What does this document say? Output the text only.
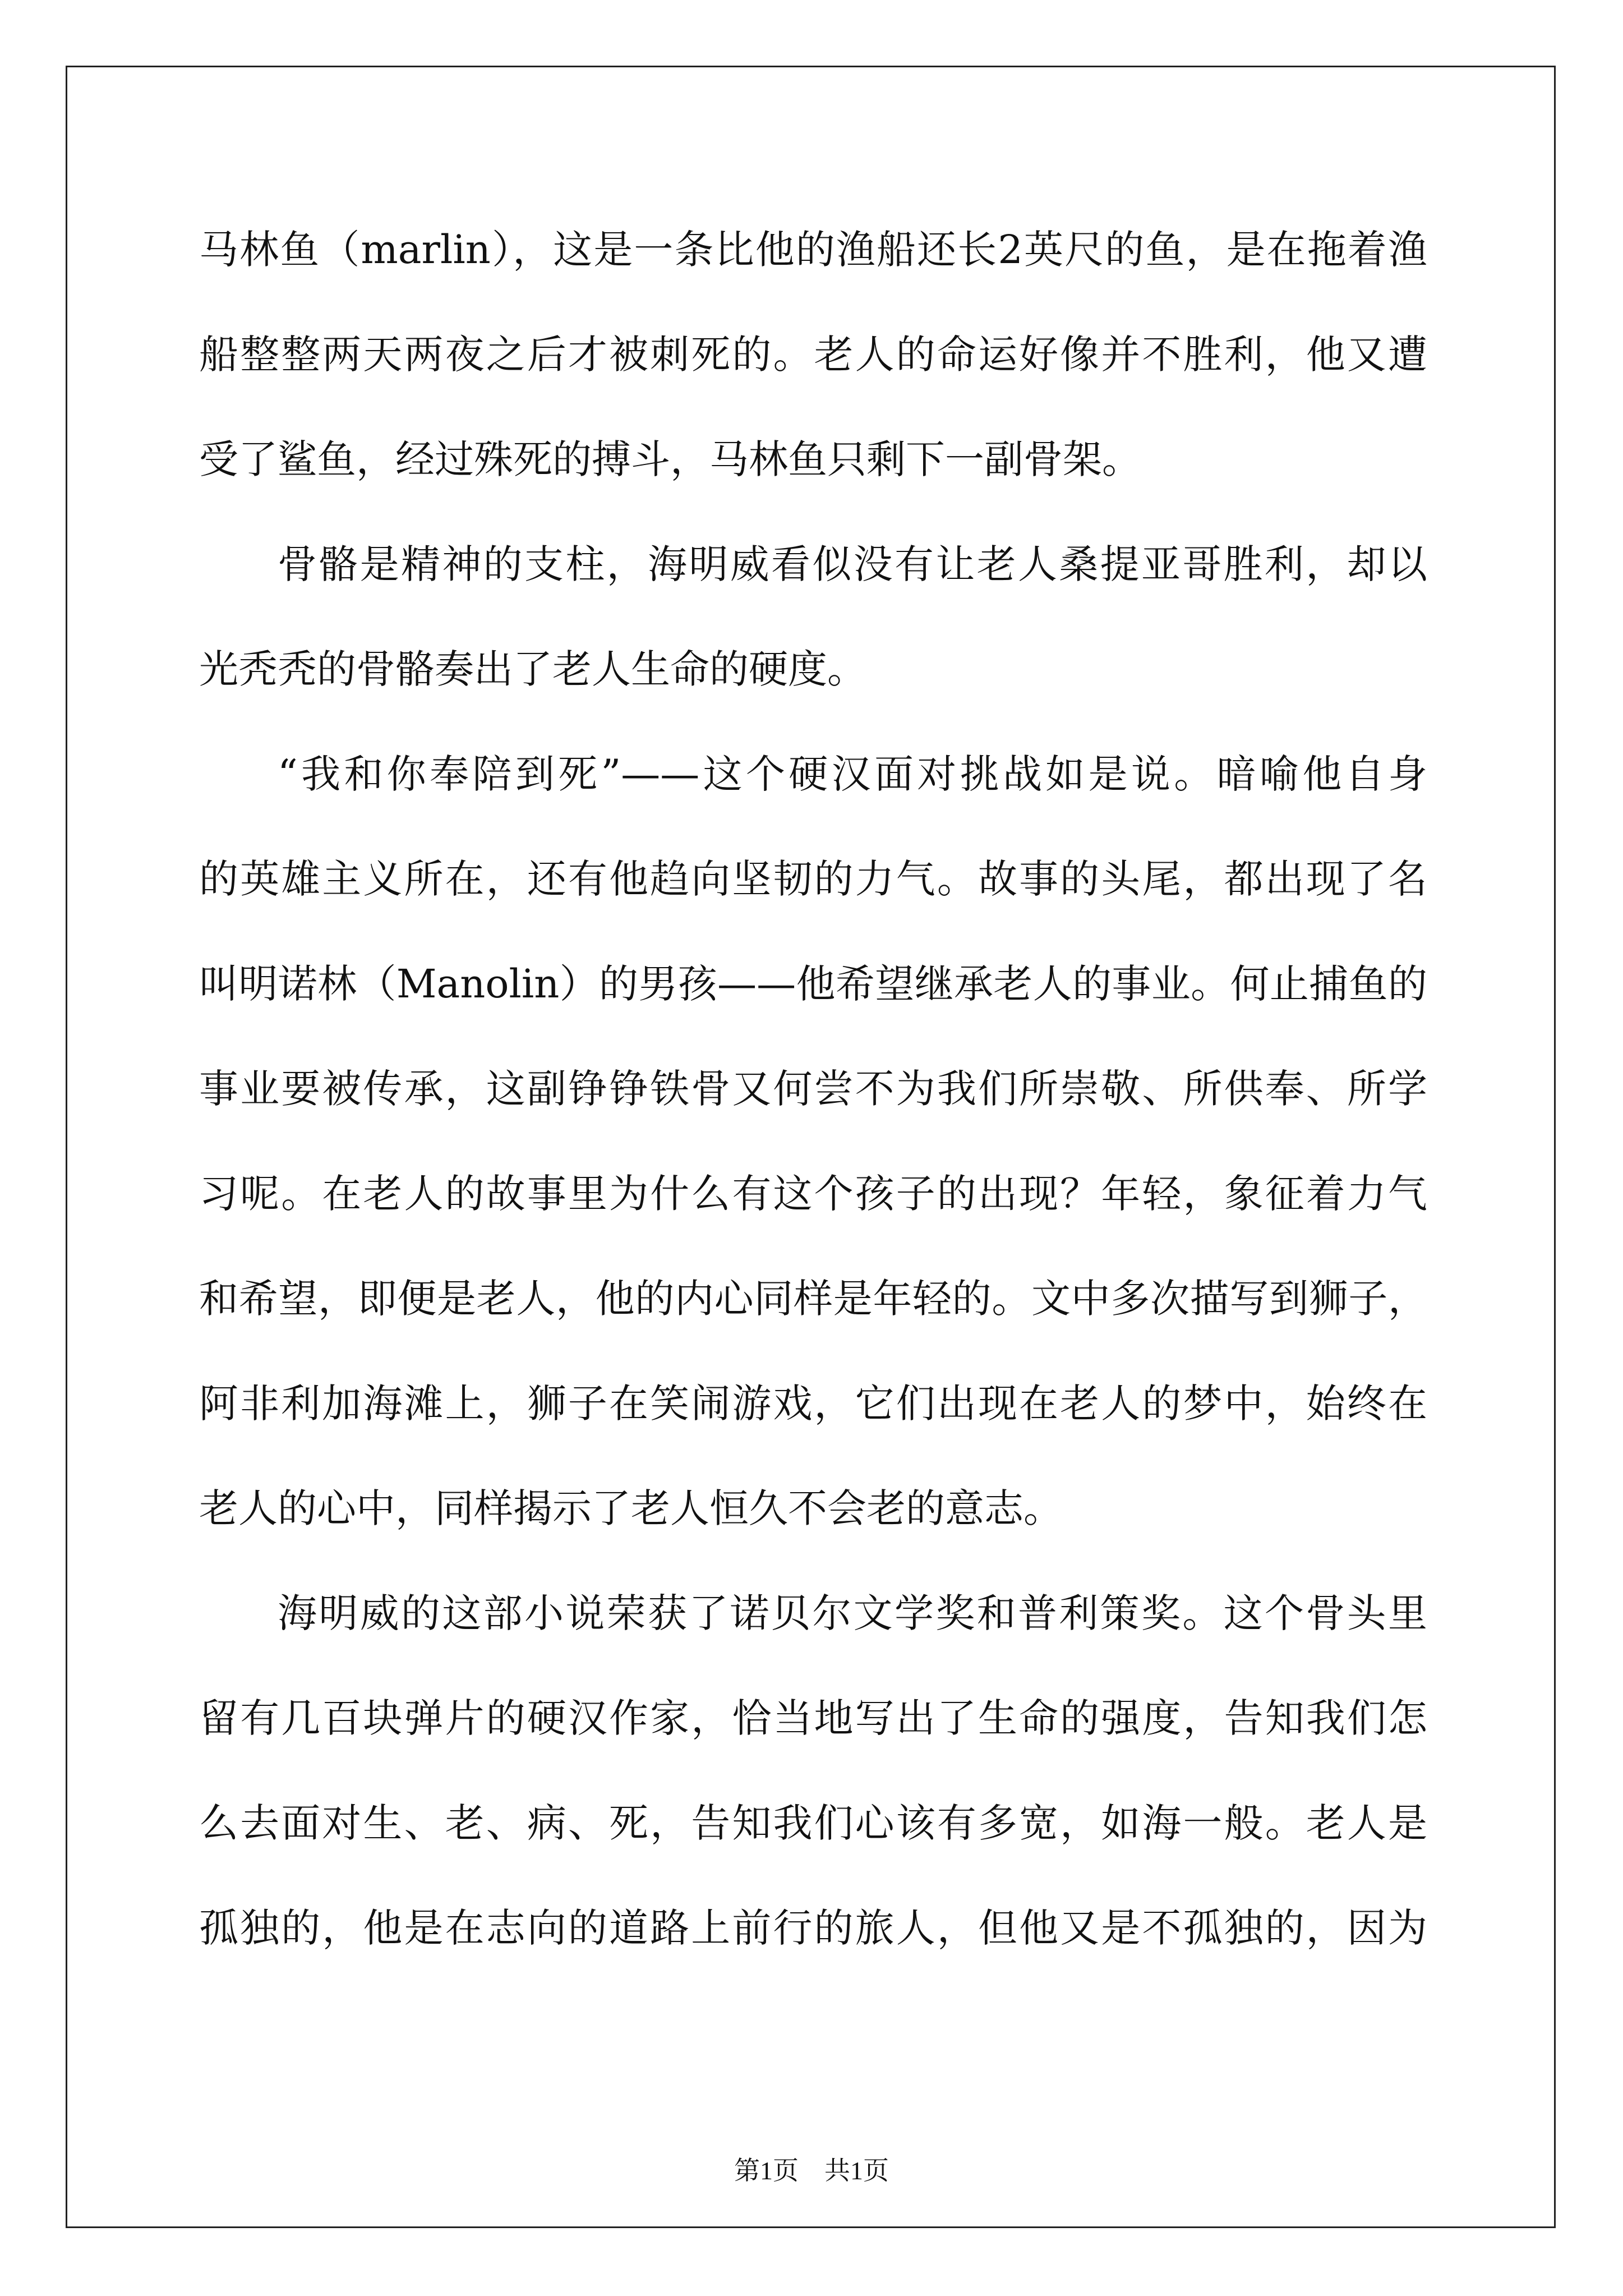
马林鱼（marlin），这是一条比他的渔船还长2英尺的鱼，是在拖着渔
船整整两天两夜之后才被刺死的。老人的命运好像并不胜利，他又遭
受了鲨鱼，经过殊死的搏斗，马林鱼只剩下一副骨架。
骨骼是精神的支柱，海明威看似没有让老人桑提亚哥胜利，却以
光秃秃的骨骼奏出了老人生命的硬度。
“我和你奉陪到死”——这个硬汉面对挑战如是说。暗喻他自身
的英雄主义所在，还有他趋向坚韧的力气。故事的头尾，都出现了名
叫明诺林（Manolin）的男孩——他希望继承老人的事业。何止捕鱼的
事业要被传承，这副铮铮铁骨又何尝不为我们所崇敬、所供奉、所学
习呢。在老人的故事里为什么有这个孩子的出现？年轻，象征着力气
和希望，即便是老人，他的内心同样是年轻的。文中多次描写到狮子，
阿非利加海滩上，狮子在笑闹游戏，它们出现在老人的梦中，始终在
老人的心中，同样揭示了老人恒久不会老的意志。
海明威的这部小说荣获了诺贝尔文学奖和普利策奖。这个骨头里
留有几百块弹片的硬汉作家，恰当地写出了生命的强度，告知我们怎
么去面对生、老、病、死，告知我们心该有多宽，如海一般。老人是
孤独的，他是在志向的道路上前行的旅人，但他又是不孤独的，因为
第1页　共1页
